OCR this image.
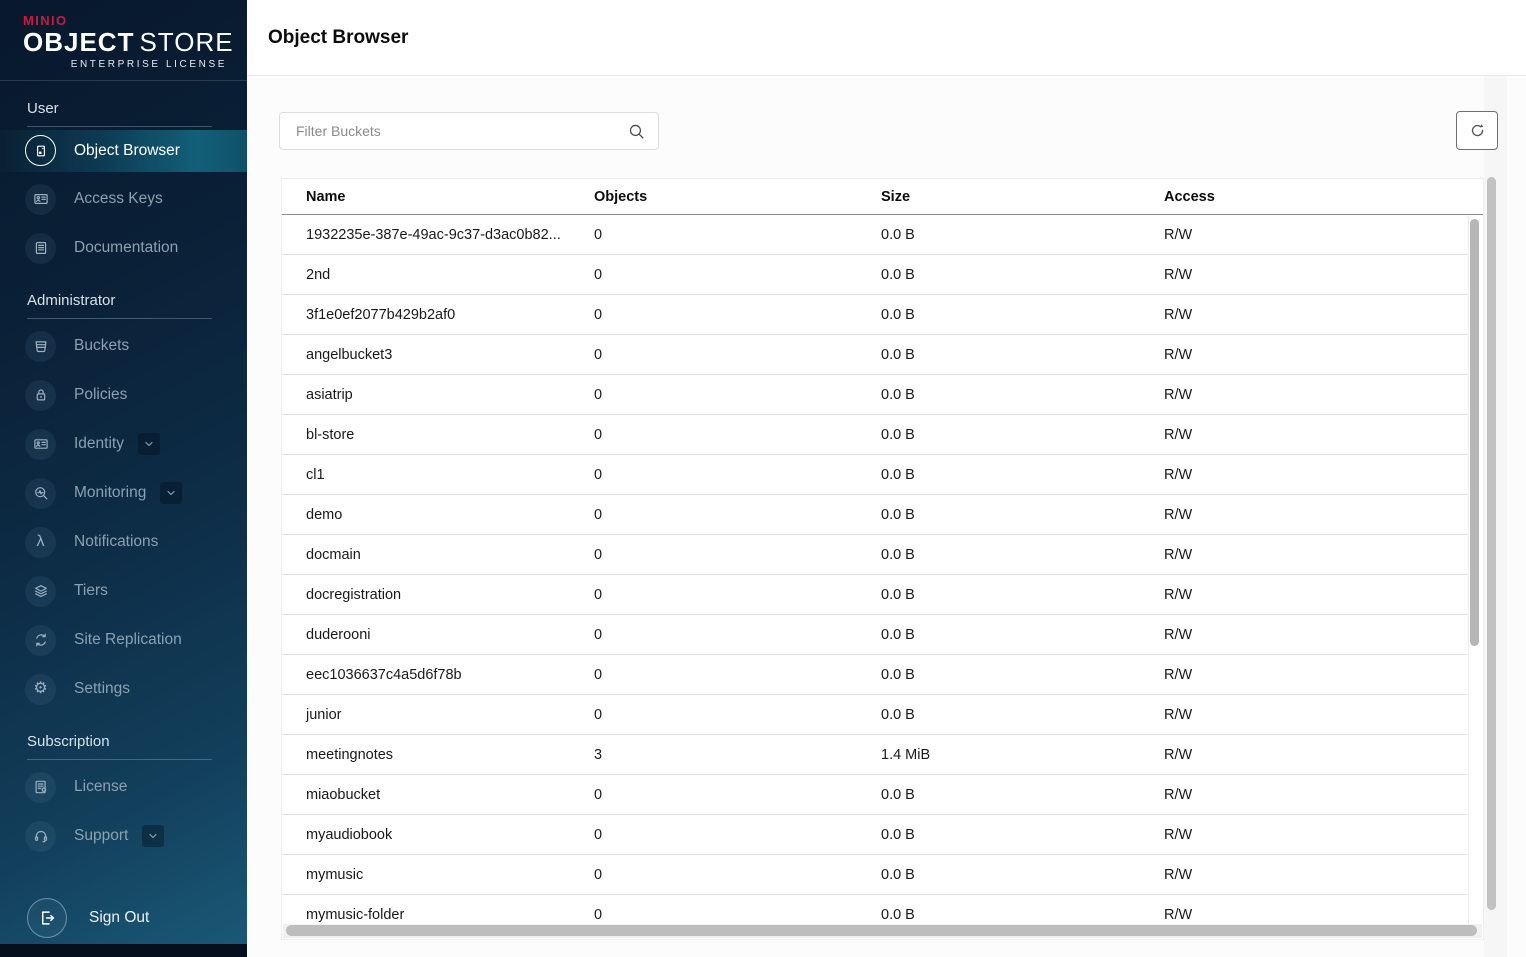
MINIO
OBJECT STORE
ENTERPRISE LICENSE
User
Object Browser
Access Keys
Documentation
Administrator
Buckets
Policies
Identity
Monitoring
λ Notifications
Tiers
Site Replication
⚙ Settings
Subscription
License
Support
Sign Out
Object Browser
Filter Buckets
Name	Objects	Size	Access
1932235e-387e-49ac-9c37-d3ac0b82...	0	0.0 B	R/W
2nd	0	0.0 B	R/W
3f1e0ef2077b429b2af0	0	0.0 B	R/W
angelbucket3	0	0.0 B	R/W
asiatrip	0	0.0 B	R/W
bl-store	0	0.0 B	R/W
cl1	0	0.0 B	R/W
demo	0	0.0 B	R/W
docmain	0	0.0 B	R/W
docregistration	0	0.0 B	R/W
duderooni	0	0.0 B	R/W
eec1036637c4a5d6f78b	0	0.0 B	R/W
junior	0	0.0 B	R/W
meetingnotes	3	1.4 MiB	R/W
miaobucket	0	0.0 B	R/W
myaudiobook	0	0.0 B	R/W
mymusic	0	0.0 B	R/W
mymusic-folder	0	0.0 B	R/W
